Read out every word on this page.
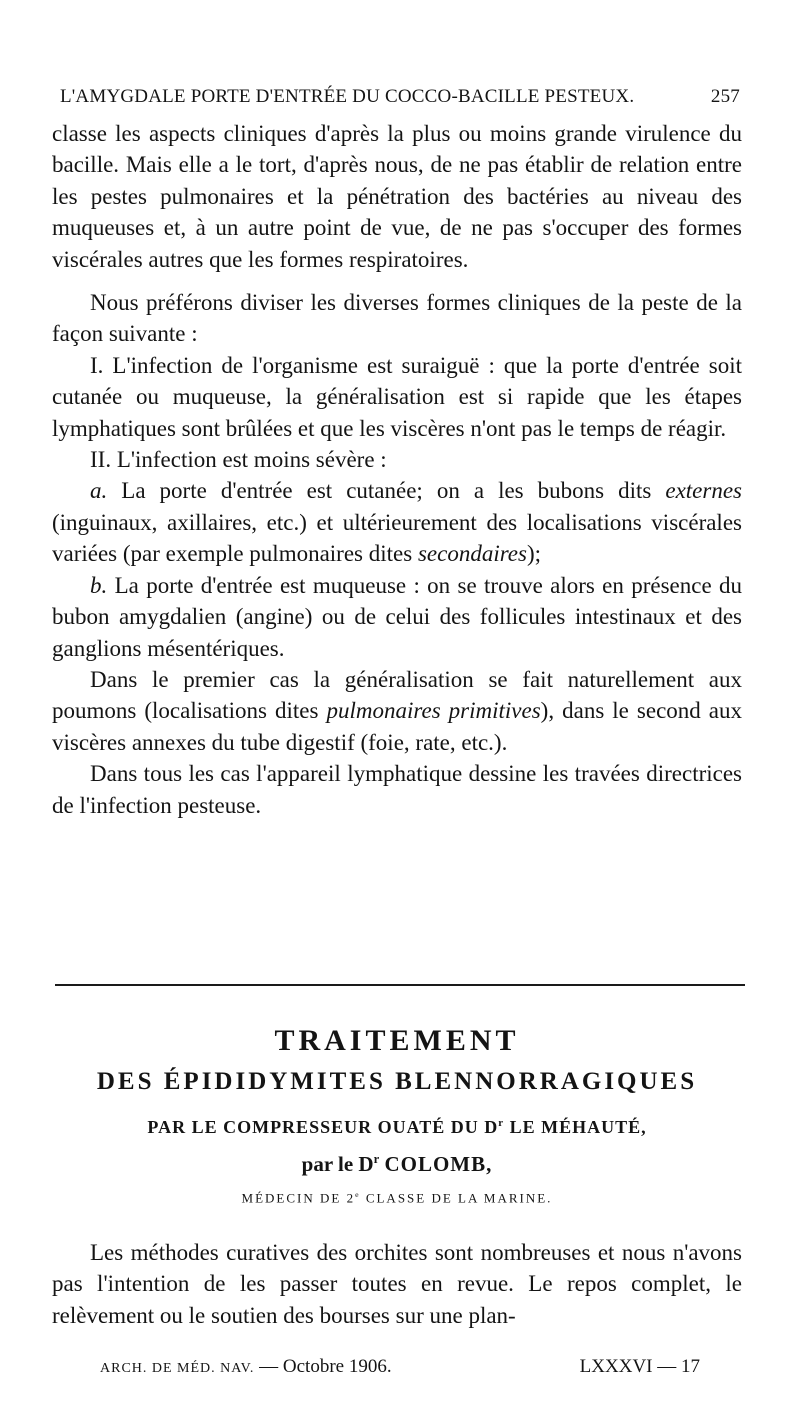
L'AMYGDALE PORTE D'ENTRÉE DU COCCO-BACILLE PESTEUX.	257

classe les aspects cliniques d'après la plus ou moins grande virulence du bacille. Mais elle a le tort, d'après nous, de ne pas établir de relation entre les pestes pulmonaires et la pénétration des bactéries au niveau des muqueuses et, à un autre point de vue, de ne pas s'occuper des formes viscérales autres que les formes respiratoires.

Nous préférons diviser les diverses formes cliniques de la peste de la façon suivante :

I. L'infection de l'organisme est suraiguë : que la porte d'entrée soit cutanée ou muqueuse, la généralisation est si rapide que les étapes lymphatiques sont brûlées et que les viscères n'ont pas le temps de réagir.

II. L'infection est moins sévère :

a. La porte d'entrée est cutanée; on a les bubons dits externes (inguinaux, axillaires, etc.) et ultérieurement des localisations viscérales variées (par exemple pulmonaires dites secondaires);

b. La porte d'entrée est muqueuse : on se trouve alors en présence du bubon amygdalien (angine) ou de celui des follicules intestinaux et des ganglions mésentériques.

Dans le premier cas la généralisation se fait naturellement aux poumons (localisations dites pulmonaires primitives), dans le second aux viscères annexes du tube digestif (foie, rate, etc.).

Dans tous les cas l'appareil lymphatique dessine les travées directrices de l'infection pesteuse.

TRAITEMENT
DES ÉPIDIDYMITES BLENNORRAGIQUES
PAR LE COMPRESSEUR OUATÉ DU $D^r$ LE MÉHAUTÉ,
par le $D^r$ COLOMB,
MÉDECIN DE 2e CLASSE DE LA MARINE.

Les méthodes curatives des orchites sont nombreuses et nous n'avons pas l'intention de les passer toutes en revue. Le repos complet, le relèvement ou le soutien des bourses sur une plan-

ARCH. DE MÉD. NAV. — Octobre 1906.	LXXXVI — 17
